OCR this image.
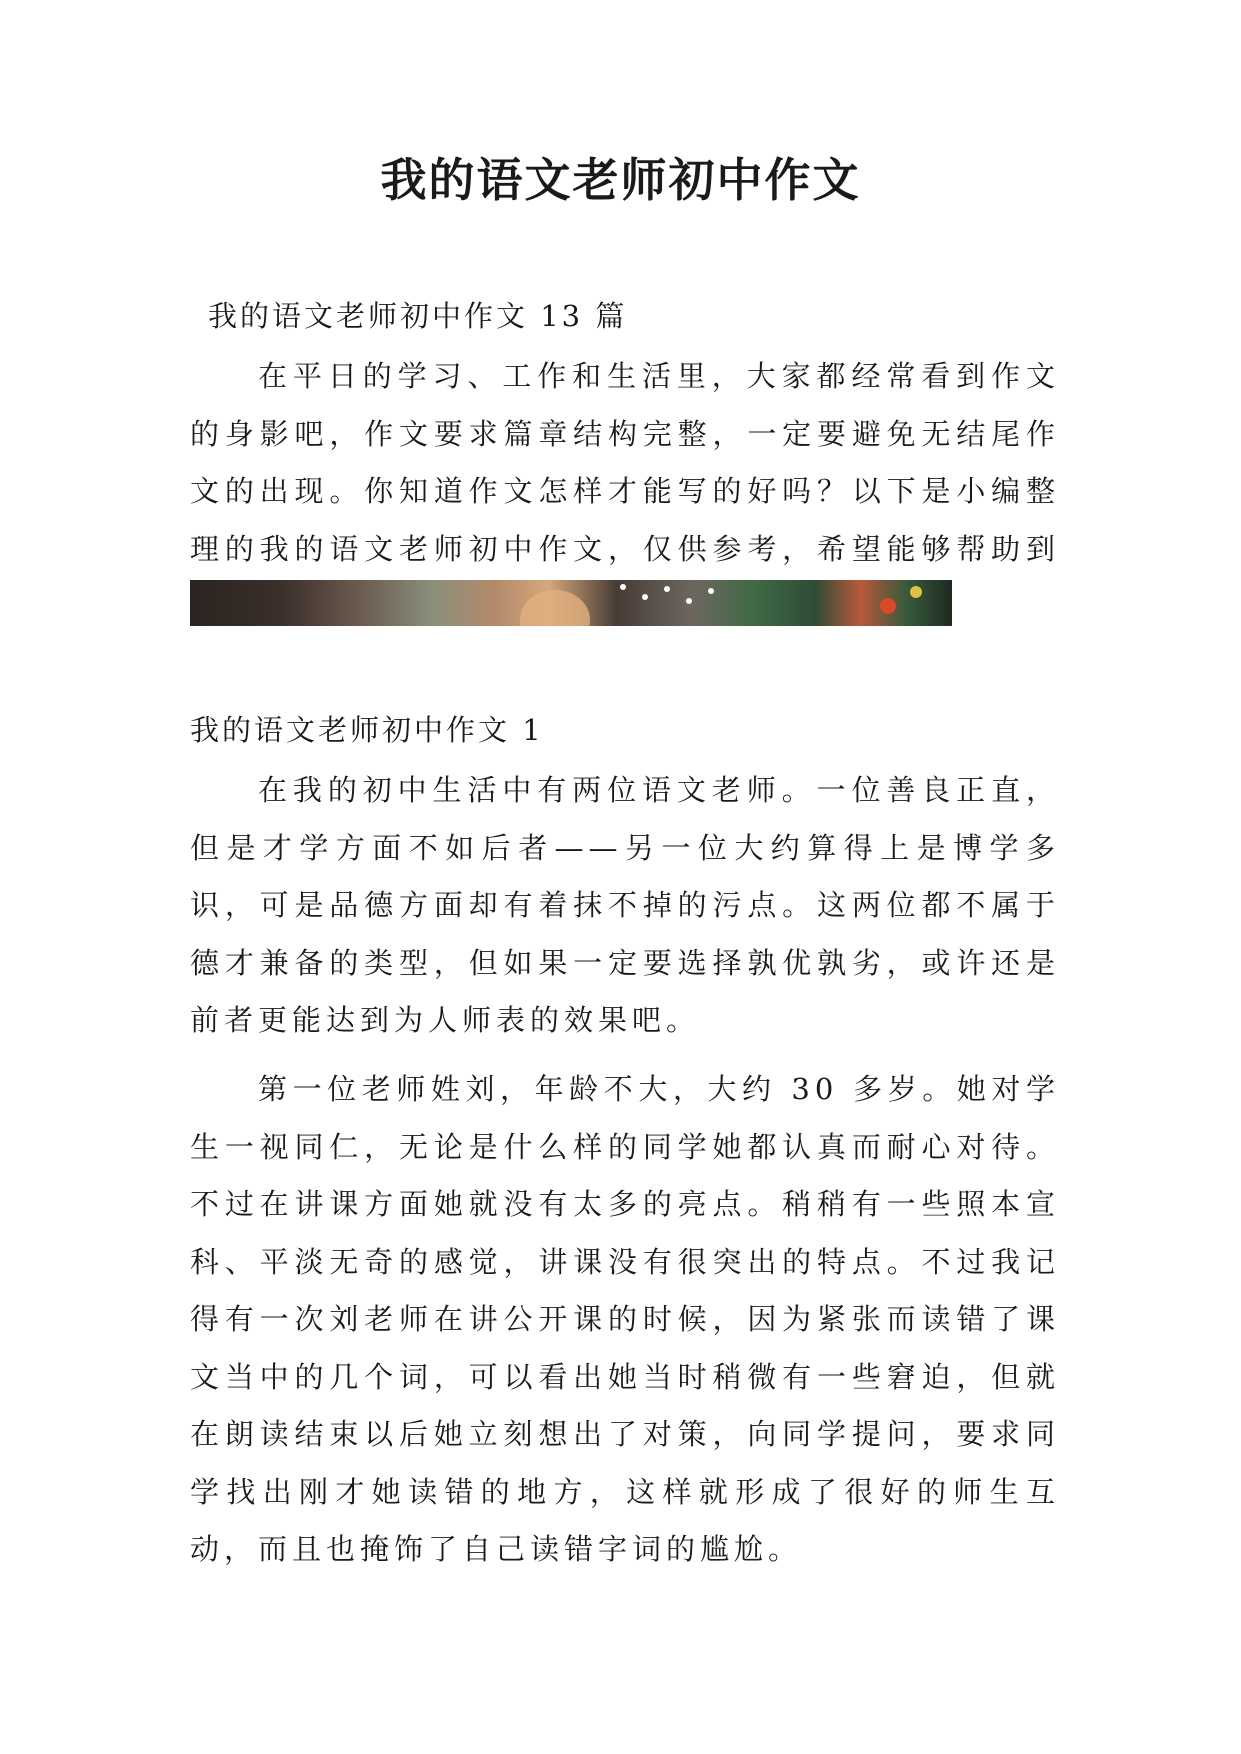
我的语文老师初中作文

我的语文老师初中作文 13 篇

在平日的学习、工作和生活里，大家都经常看到作文的身影吧，作文要求篇章结构完整，一定要避免无结尾作文的出现。你知道作文怎样才能写的好吗？以下是小编整理的我的语文老师初中作文，仅供参考，希望能够帮助到

我的语文老师初中作文 1

在我的初中生活中有两位语文老师。一位善良正直，但是才学方面不如后者——另一位大约算得上是博学多识，可是品德方面却有着抹不掉的污点。这两位都不属于德才兼备的类型，但如果一定要选择孰优孰劣，或许还是前者更能达到为人师表的效果吧。

第一位老师姓刘，年龄不大，大约 30 多岁。她对学生一视同仁，无论是什么样的同学她都认真而耐心对待。不过在讲课方面她就没有太多的亮点。稍稍有一些照本宣科、平淡无奇的感觉，讲课没有很突出的特点。不过我记得有一次刘老师在讲公开课的时候，因为紧张而读错了课文当中的几个词，可以看出她当时稍微有一些窘迫，但就在朗读结束以后她立刻想出了对策，向同学提问，要求同学找出刚才她读错的地方，这样就形成了很好的师生互动，而且也掩饰了自己读错字词的尴尬。
